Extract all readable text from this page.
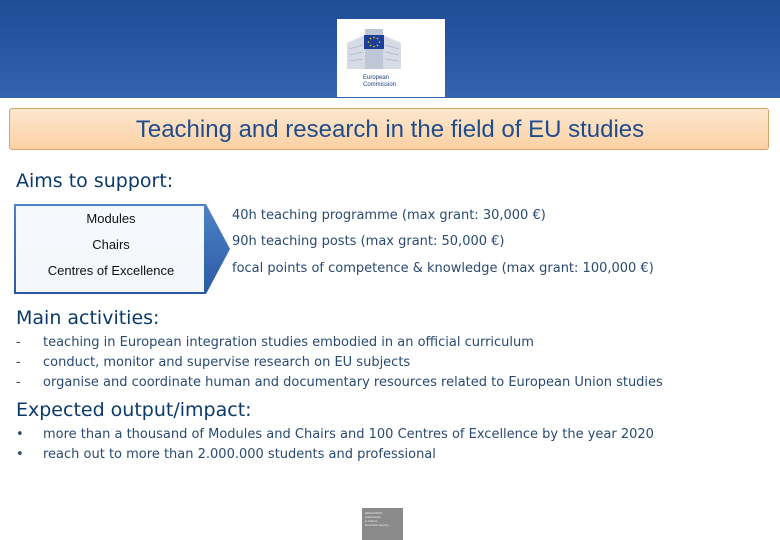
European
Commission
Teaching and research in the field of EU studies
Aims to support:
Modules
Chairs
Centres of Excellence
40h teaching programme (max grant: 30,000 €)
90h teaching posts (max grant: 50,000 €)
focal points of competence & knowledge (max grant: 100,000 €)
Main activities:
- teaching in European integration studies embodied in an official curriculum
- conduct, monitor and supervise research on EU subjects
- organise and coordinate human and documentary resources related to European Union studies
Expected output/impact:
• more than a thousand of Modules and Chairs and 100 Centres of Excellence by the year 2020
• reach out to more than 2.000.000 students and professional
EDUCATION
Audiovisual
& Culture
Executive Agency
